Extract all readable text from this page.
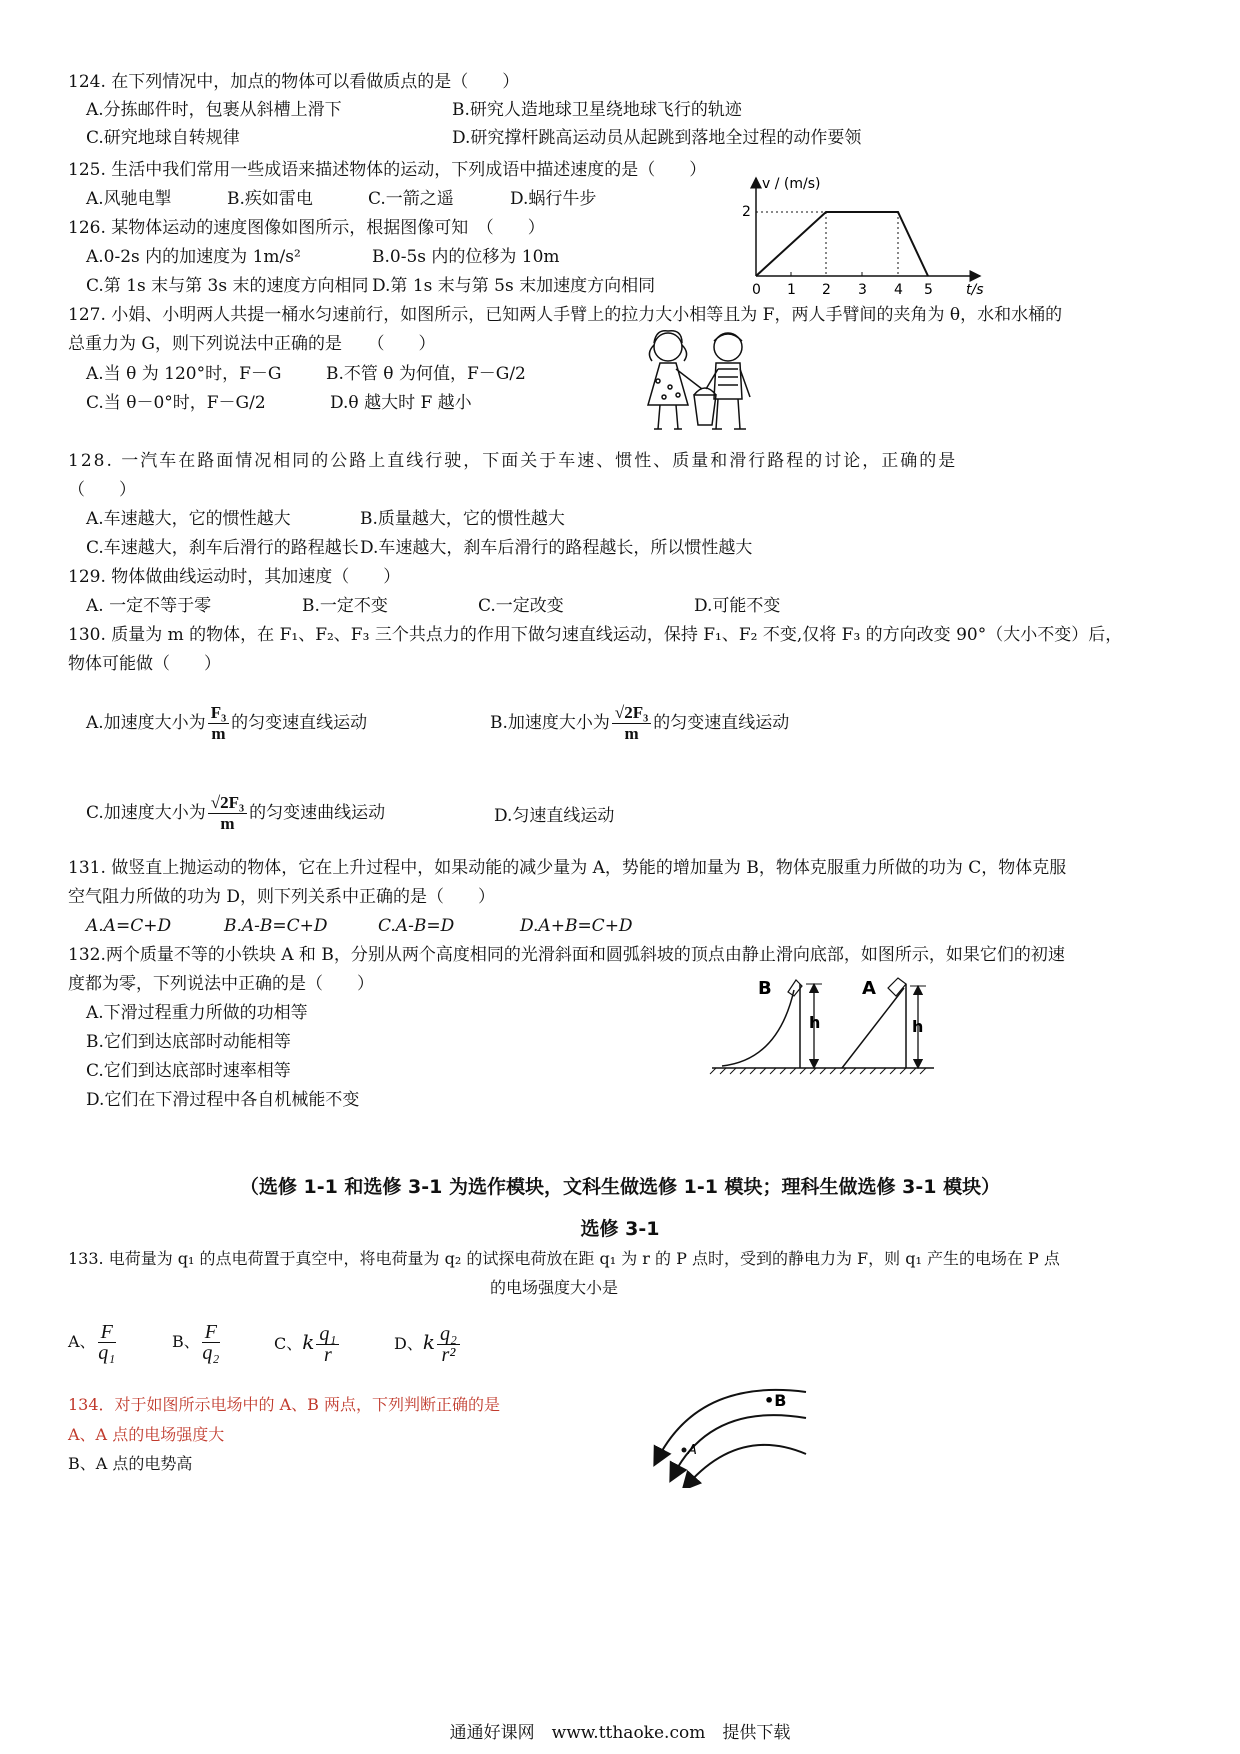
124. 在下列情况中，加点的物体可以看做质点的是（　　）
A.分拣邮件时，包裹从斜槽上滑下	B.研究人造地球卫星绕地球飞行的轨迹
C.研究地球自转规律	D.研究撑杆跳高运动员从起跳到落地全过程的动作要领
125. 生活中我们常用一些成语来描述物体的运动，下列成语中描述速度的是（　　）
A.风驰电掣	B.疾如雷电	C.一箭之遥	D.蜗行牛步
126. 某物体运动的速度图像如图所示，根据图像可知　（　　）
A.0-2s 内的加速度为 1m/s²	B.0-5s 内的位移为 10m
C.第 1s 末与第 3s 末的速度方向相同 D.第 1s 末与第 5s 末加速度方向相同
v / (m/s)
2
0 1 2 3 4 5 t/s
127. 小娟、小明两人共提一桶水匀速前行，如图所示，已知两人手臂上的拉力大小相等且为 F，两人手臂间的夹角为 θ，水和水桶的
总重力为 G，则下列说法中正确的是　　（　　）
A.当 θ 为 120°时，F－G	B.不管 θ 为何值，F－G/2
C.当 θ－0°时，F－G/2	D.θ 越大时 F 越小
128. 一汽车在路面情况相同的公路上直线行驶，下面关于车速、惯性、质量和滑行路程的讨论，正确的是
（　　）
A.车速越大，它的惯性越大	B.质量越大，它的惯性越大
C.车速越大，刹车后滑行的路程越长 D.车速越大，刹车后滑行的路程越长，所以惯性越大
129. 物体做曲线运动时，其加速度（　　）
A. 一定不等于零	B.一定不变	C.一定改变	D.可能不变
130. 质量为 m 的物体，在 F₁、F₂、F₃ 三个共点力的作用下做匀速直线运动，保持 F₁、F₂ 不变,仅将 F₃ 的方向改变 90°（大小不变）后，
物体可能做（　　）
A.加速度大小为 $\frac{\text{F₃}}{m}$ 的匀变速直线运动	B.加速度大小为 $\frac{\text{√2F₃}}{m}$ 的匀变速直线运动
C.加速度大小为 $\frac{\text{√2F₃}}{m}$ 的匀变速曲线运动	D.匀速直线运动
131. 做竖直上抛运动的物体，它在上升过程中，如果动能的减少量为 A，势能的增加量为 B，物体克服重力所做的功为 C，物体克服
空气阻力所做的功为 D，则下列关系中正确的是（　　）
A.A=C+D	B.A-B=C+D	C.A-B=D	D.A+B=C+D
132.两个质量不等的小铁块 A 和 B，分别从两个高度相同的光滑斜面和圆弧斜坡的顶点由静止滑向底部，如图所示，如果它们的初速
度都为零，下列说法中正确的是（　　）
A.下滑过程重力所做的功相等
B.它们到达底部时动能相等
C.它们到达底部时速率相等
D.它们在下滑过程中各自机械能不变
B
h
A
h
（选修 1-1 和选修 3-1 为选作模块，文科生做选修 1-1 模块；理科生做选修 3-1 模块）
选修 3-1
133. 电荷量为 q₁ 的点电荷置于真空中，将电荷量为 q₂ 的试探电荷放在距 q₁ 为 r 的 P 点时，受到的静电力为 F，则 q₁ 产生的电场在 P 点
的电场强度大小是
A、 $\frac{F}{\text{q₁}}$	B、 $\frac{F}{\text{q₂}}$	C、k $\frac{\text{q₁}}{r}$	D、k $\frac{\text{q₂}}{\text{r²}}$
134．对于如图所示电场中的 A、B 两点，下列判断正确的是
A、A 点的电场强度大
B、A 点的电势高
•B
A
通通好课网　www.tthaoke.com　提供下载
